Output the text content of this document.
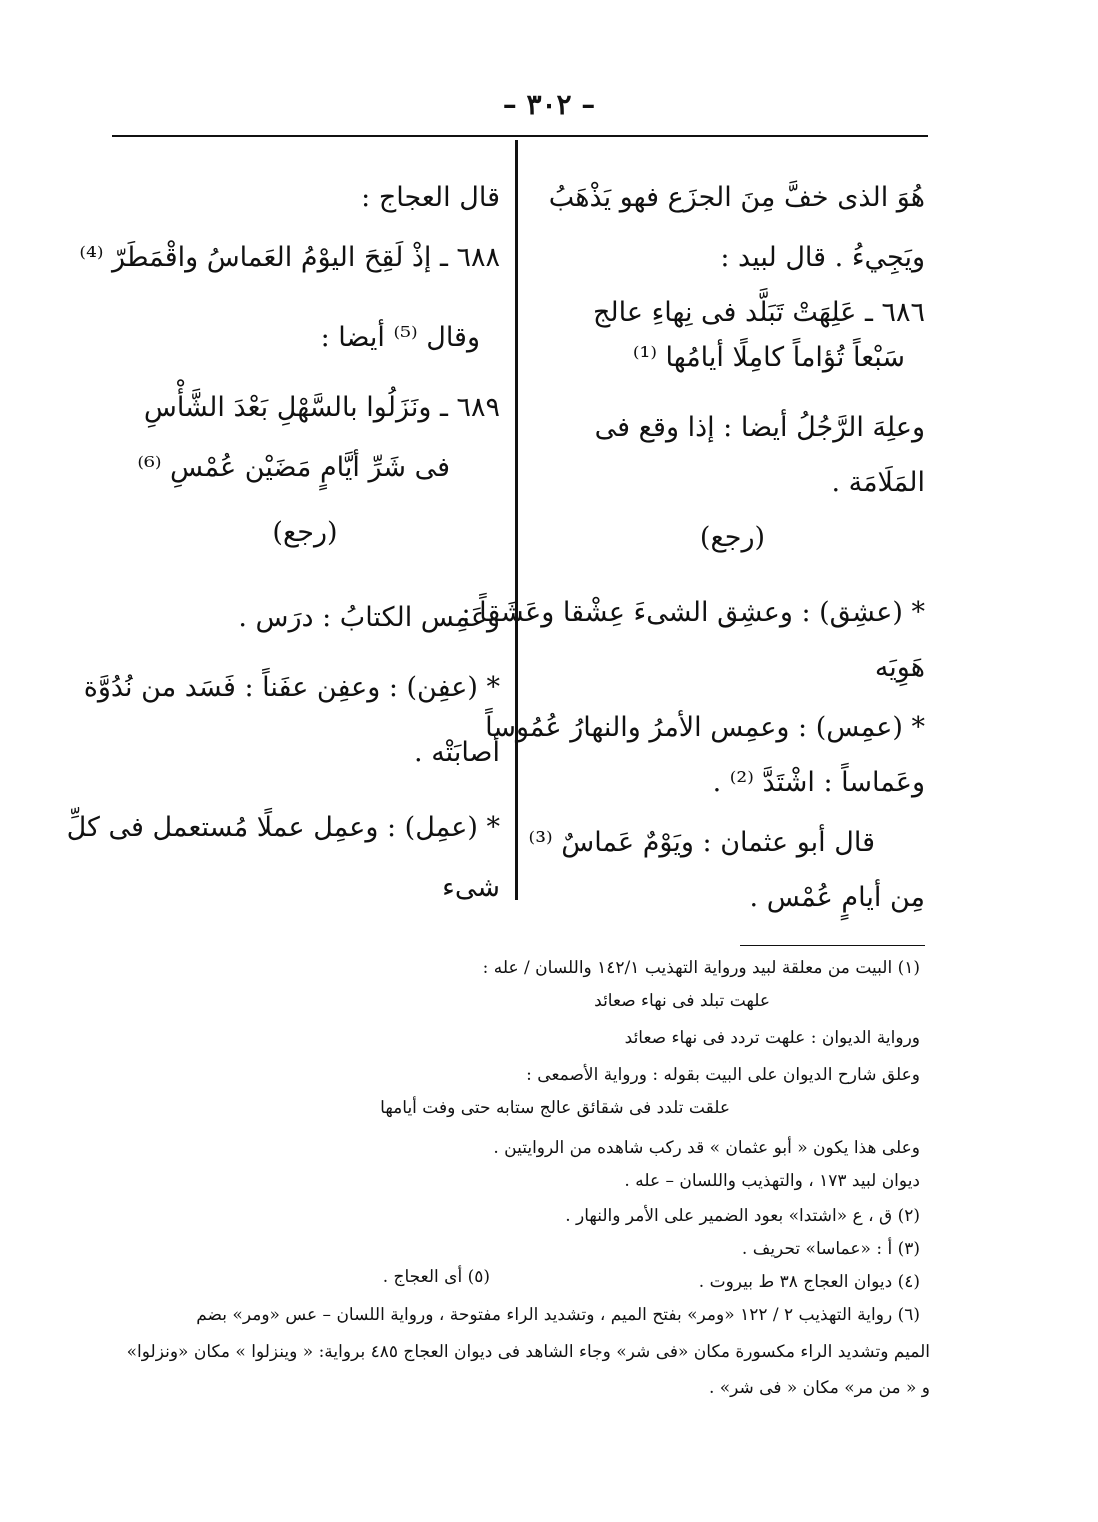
– ٣٠٢ –
هُوَ الذى خفَّ مِنَ الجزَع فهو يَذْهَبُ
ويَجِيءُ . قال لبيد :
٦٨٦ ـ عَلِهَتْ تَبَلَّد فى نِهاءِ عالج
سَبْعاً تُؤاماً كامِلًا أيامُها ⁽¹⁾
وعلِهَ الرَّجُلُ أيضا : إذا وقع فى
المَلَامَة .
(رجع)
* (عشِق) : وعشِق الشىءَ عِشْقا وعَشَقاً :
هَوِيَه
* (عمِس) : وعمِس الأمرُ والنهارُ عُمُوساً
وعَماساً : اشْتَدَّ ⁽²⁾ .
قال أبو عثمان : ويَوْمٌ عَماسٌ ⁽³⁾
مِن أيامٍ عُمْس .
قال العجاج :
٦٨٨ ـ إذْ لَقِحَ اليوْمُ العَماسُ واقْمَطَرّ ⁽⁴⁾
وقال ⁽⁵⁾ أيضا :
٦٨٩ ـ ونَزَلُوا بالسَّهْلِ بَعْدَ الشَّأْسِ
فى شَرِّ أيَّامٍ مَضَيْن عُمْسِ ⁽⁶⁾
(رجع)
وعَمِس الكتابُ : درَس .
* (عفِن) : وعفِن عفَناً : فَسَد من نُدُوَّة
أصابَتْه .
* (عمِل) : وعمِل عملًا مُستعمل فى كلِّ
شىء
(١) البيت من معلقة لبيد ورواية التهذيب ١٤٢/١ واللسان / عله :
علهت تبلد فى نهاء صعائد
ورواية الديوان : علهت تردد فى نهاء صعائد
وعلق شارح الديوان على البيت بقوله : ورواية الأصمعى :
علقت تلدد فى شقائق عالج ستابه حتى وفت أيامها
وعلى هذا يكون « أبو عثمان » قد ركب شاهده من الروايتين .
ديوان لبيد ١٧٣ ، والتهذيب واللسان – عله .
(٢) ق ، ع «اشتدا» بعود الضمير على الأمر والنهار .
(٣) أ : «عماسا» تحريف .
(٤) ديوان العجاج ٣٨ ط بيروت .
(٥) أى العجاج .
(٦) رواية التهذيب ٢ / ١٢٢ «ومر» بفتح الميم ، وتشديد الراء مفتوحة ، ورواية اللسان – عس «ومر» بضم
الميم وتشديد الراء مكسورة مكان «فى شر» وجاء الشاهد فى ديوان العجاج ٤٨٥ برواية: « وينزلوا » مكان «ونزلوا»
و « من مر» مكان « فى شر» .
